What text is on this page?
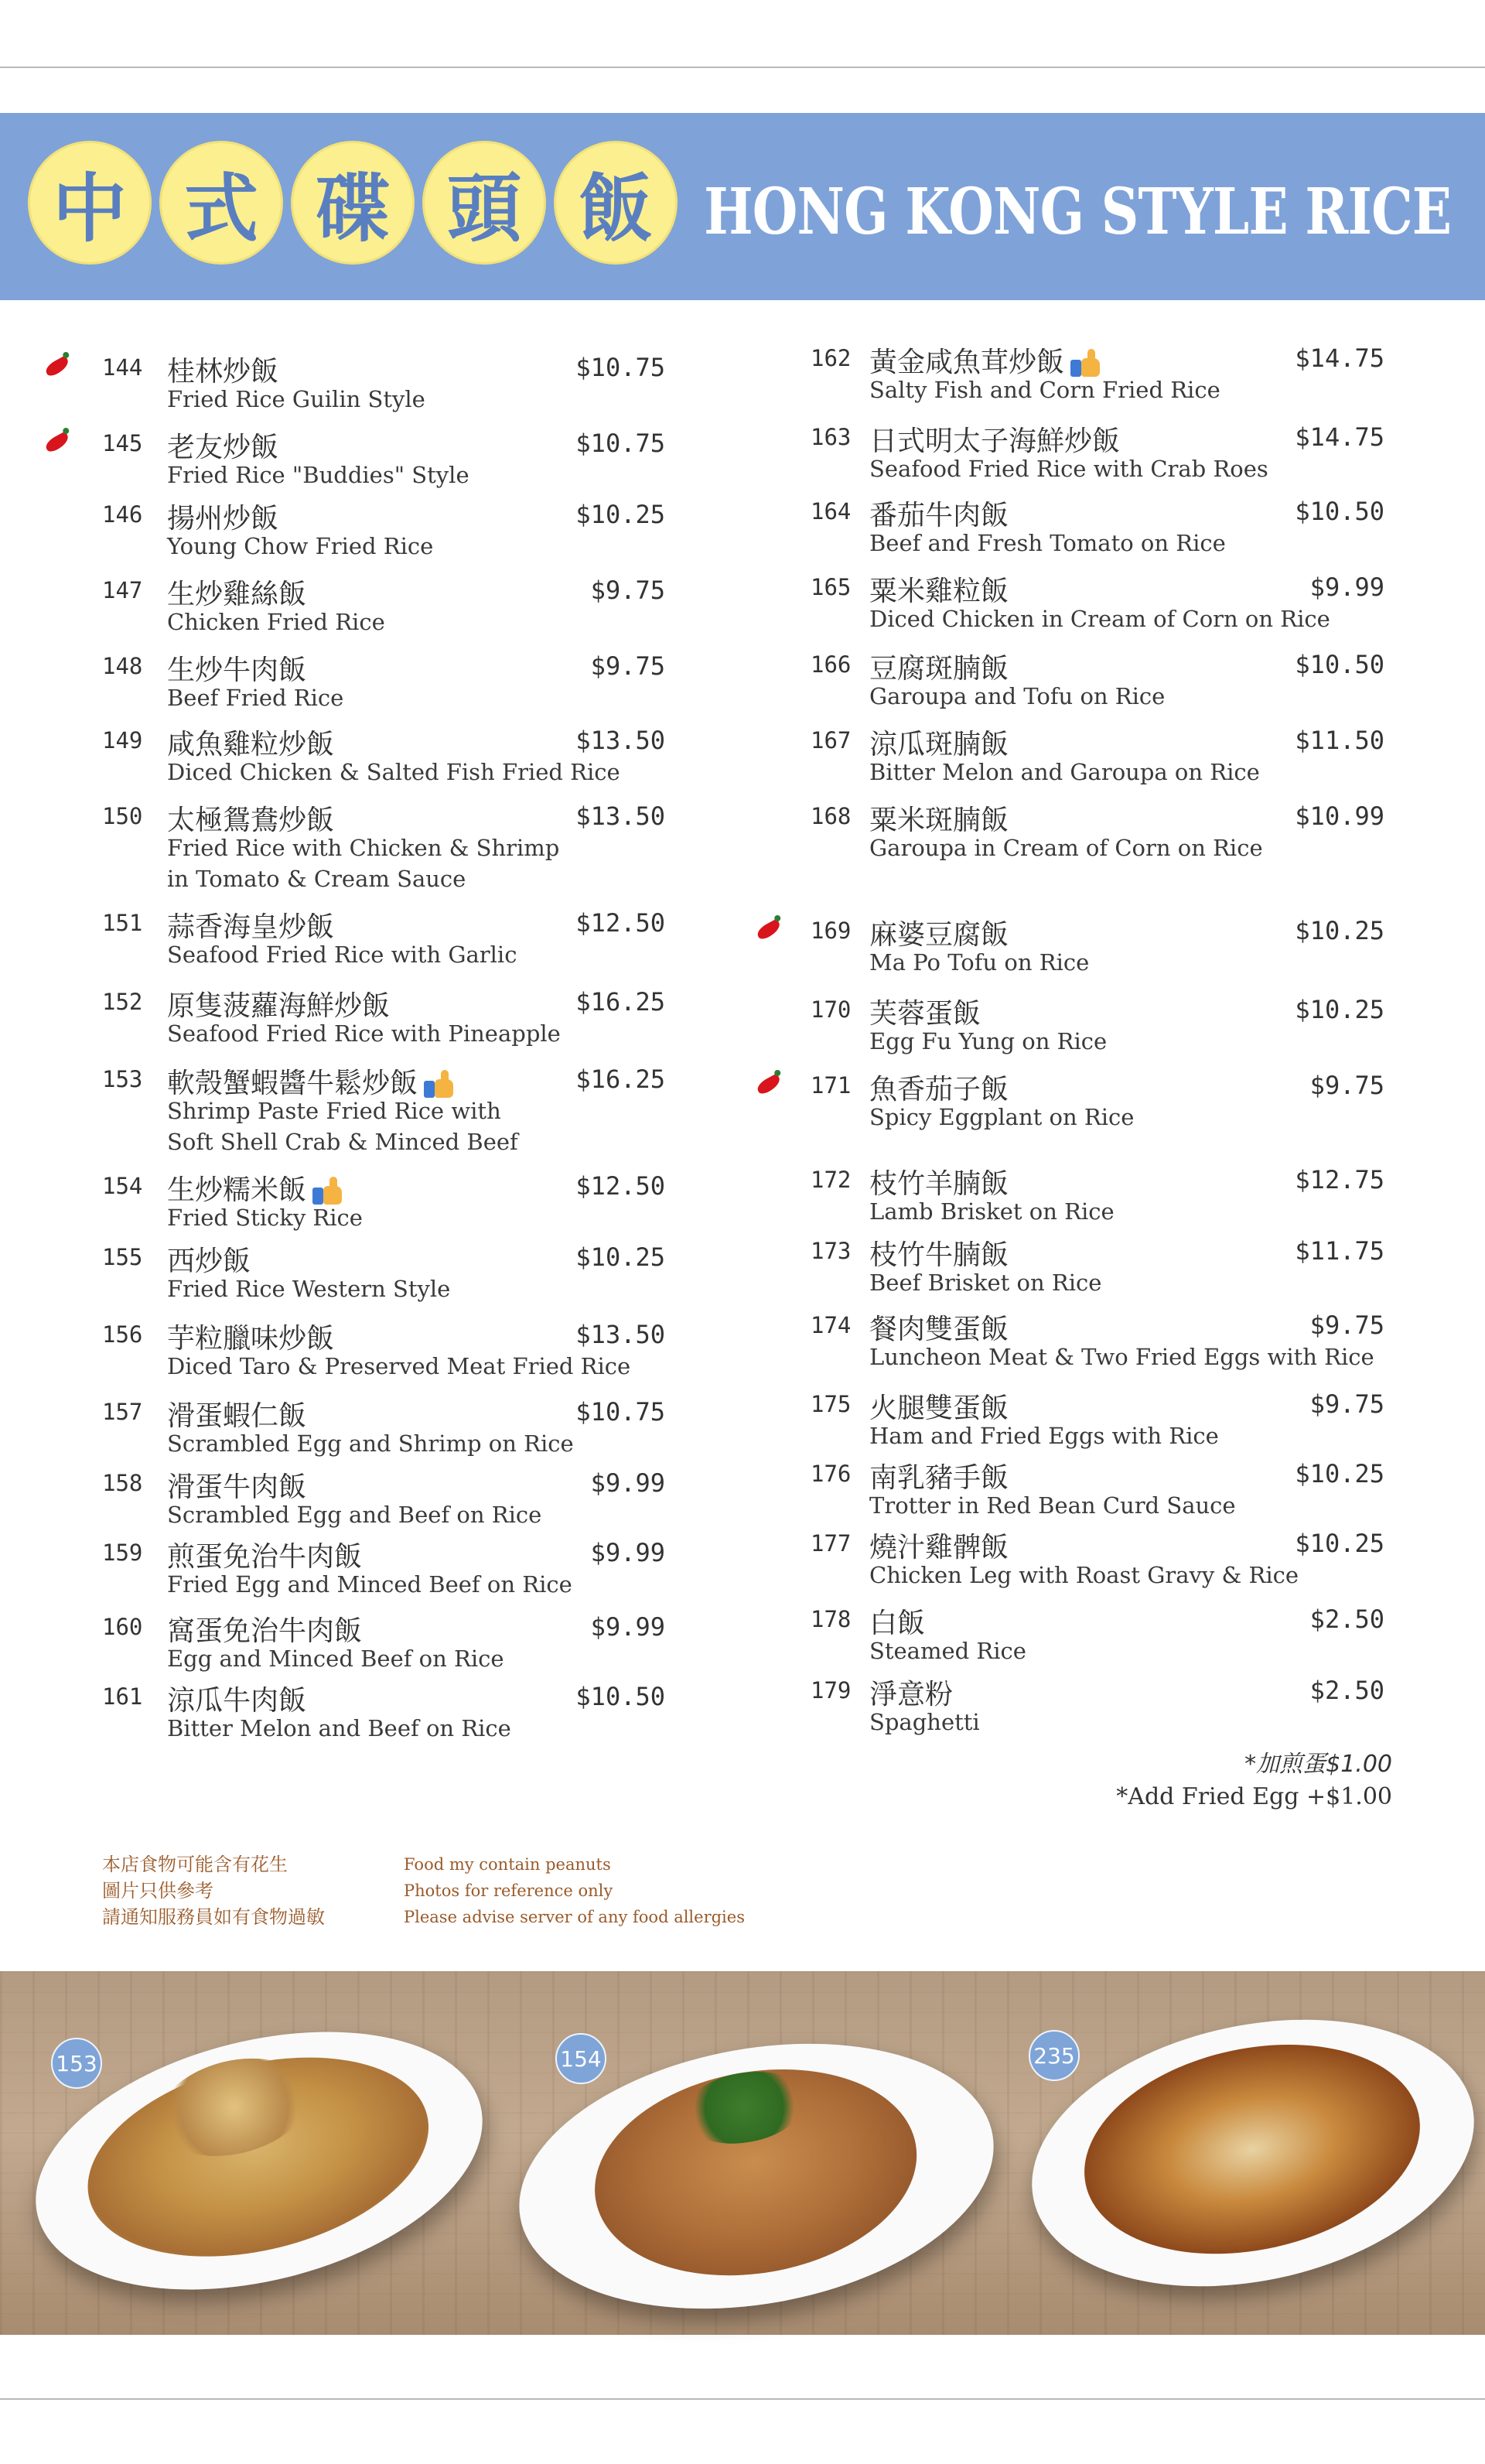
中 式 碟 頭 飯 HONG KONG STYLE RICE
144 桂林炒飯
Fried Rice Guilin Style
$10.75
145 老友炒飯
Fried Rice "Buddies" Style
$10.75
146 揚州炒飯
Young Chow Fried Rice
$10.25
147 生炒雞絲飯
Chicken Fried Rice
$9.75
148 生炒牛肉飯
Beef Fried Rice
$9.75
149 咸魚雞粒炒飯
Diced Chicken & Salted Fish Fried Rice
$13.50
150 太極鴛鴦炒飯
Fried Rice with Chicken & Shrimp
in Tomato & Cream Sauce
$13.50
151 蒜香海皇炒飯
Seafood Fried Rice with Garlic
$12.50
152 原隻菠蘿海鮮炒飯
Seafood Fried Rice with Pineapple
$16.25
153 軟殼蟹蝦醬牛鬆炒飯
Shrimp Paste Fried Rice with
Soft Shell Crab & Minced Beef
$16.25
154 生炒糯米飯
Fried Sticky Rice
$12.50
155 西炒飯
Fried Rice Western Style
$10.25
156 芋粒臘味炒飯
Diced Taro & Preserved Meat Fried Rice
$13.50
157 滑蛋蝦仁飯
Scrambled Egg and Shrimp on Rice
$10.75
158 滑蛋牛肉飯
Scrambled Egg and Beef on Rice
$9.99
159 煎蛋免治牛肉飯
Fried Egg and Minced Beef on Rice
$9.99
160 窩蛋免治牛肉飯
Egg and Minced Beef on Rice
$9.99
161 涼瓜牛肉飯
Bitter Melon and Beef on Rice
$10.50
162 黃金咸魚茸炒飯
Salty Fish and Corn Fried Rice
$14.75
163 日式明太子海鮮炒飯
Seafood Fried Rice with Crab Roes
$14.75
164 番茄牛肉飯
Beef and Fresh Tomato on Rice
$10.50
165 粟米雞粒飯
Diced Chicken in Cream of Corn on Rice
$9.99
166 豆腐斑腩飯
Garoupa and Tofu on Rice
$10.50
167 涼瓜斑腩飯
Bitter Melon and Garoupa on Rice
$11.50
168 粟米斑腩飯
Garoupa in Cream of Corn on Rice
$10.99
169 麻婆豆腐飯
Ma Po Tofu on Rice
$10.25
170 芙蓉蛋飯
Egg Fu Yung on Rice
$10.25
171 魚香茄子飯
Spicy Eggplant on Rice
$9.75
172 枝竹羊腩飯
Lamb Brisket on Rice
$12.75
173 枝竹牛腩飯
Beef Brisket on Rice
$11.75
174 餐肉雙蛋飯
Luncheon Meat & Two Fried Eggs with Rice
$9.75
175 火腿雙蛋飯
Ham and Fried Eggs with Rice
$9.75
176 南乳豬手飯
Trotter in Red Bean Curd Sauce
$10.25
177 燒汁雞髀飯
Chicken Leg with Roast Gravy & Rice
$10.25
178 白飯
Steamed Rice
$2.50
179 淨意粉
Spaghetti
$2.50
*加煎蛋$1.00
*Add Fried Egg +$1.00
本店食物可能含有花生
圖片只供參考
請通知服務員如有食物過敏
Food my contain peanuts
Photos for reference only
Please advise server of any food allergies
153	154	235
